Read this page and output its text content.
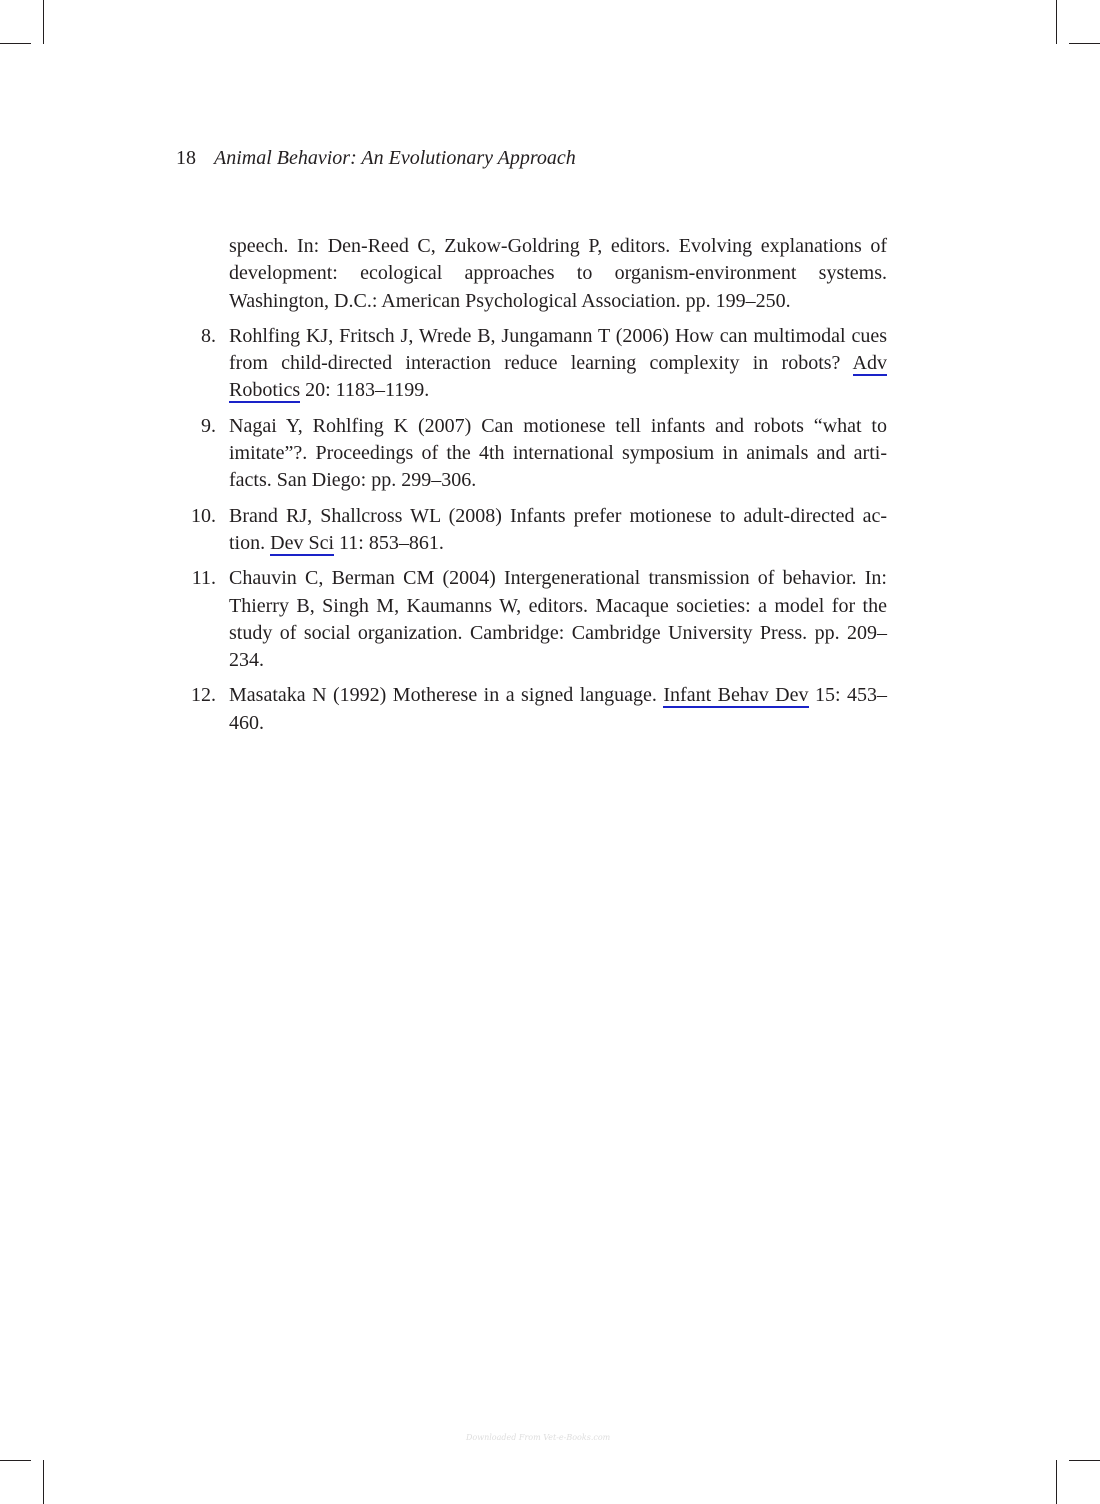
18 Animal Behavior: An Evolutionary Approach
speech. In: Den-Reed C, Zukow-Goldring P, editors. Evolving explanations of development: ecological approaches to organism-environment systems. Washington, D.C.: American Psychological Association. pp. 199–250.
8. Rohlfing KJ, Fritsch J, Wrede B, Jungamann T (2006) How can multimodal cues from child-directed interaction reduce learning complexity in robots? Adv Robotics 20: 1183–1199.
9. Nagai Y, Rohlfing K (2007) Can motionese tell infants and robots “what to imitate”?. Proceedings of the 4th international symposium in animals and arti-facts. San Diego: pp. 299–306.
10. Brand RJ, Shallcross WL (2008) Infants prefer motionese to adult-directed ac-tion. Dev Sci 11: 853–861.
11. Chauvin C, Berman CM (2004) Intergenerational transmission of behavior. In: Thierry B, Singh M, Kaumanns W, editors. Macaque societies: a model for the study of social organization. Cambridge: Cambridge University Press. pp. 209–234.
12. Masataka N (1992) Motherese in a signed language. Infant Behav Dev 15: 453–460.
Downloaded From Vet-e-Books.com
